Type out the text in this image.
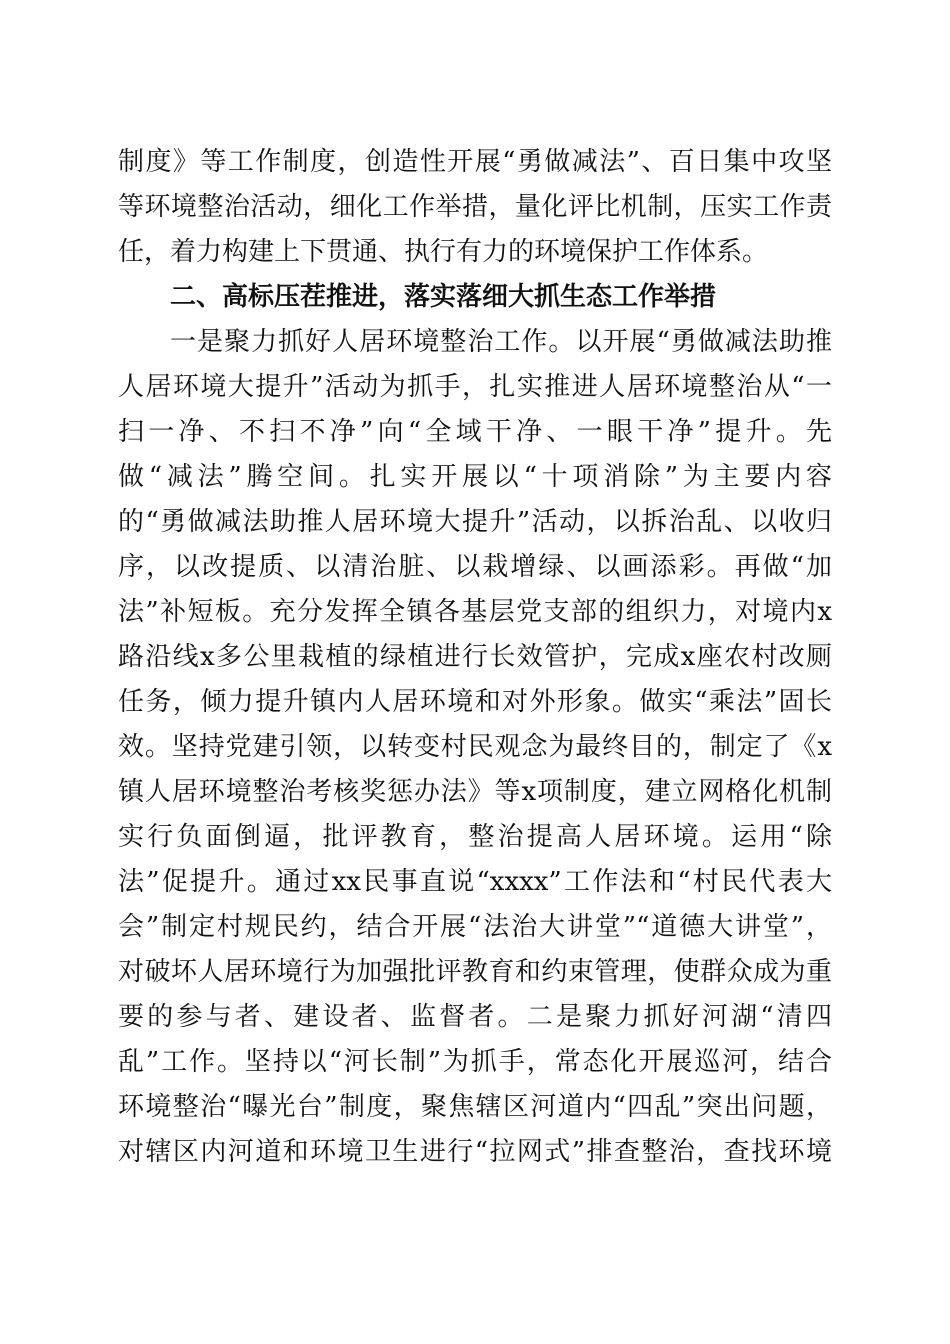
制度》等工作制度，创造性开展“勇做减法”、百日集中攻坚
等环境整治活动，细化工作举措，量化评比机制，压实工作责
任，着力构建上下贯通、执行有力的环境保护工作体系。
二、高标压茬推进，落实落细大抓生态工作举措
一是聚力抓好人居环境整治工作。以开展“勇做减法助推
人居环境大提升”活动为抓手，扎实推进人居环境整治从“一
扫一净、不扫不净”向“全域干净、一眼干净”提升。先
做“减法”腾空间。扎实开展以“十项消除”为主要内容
的“勇做减法助推人居环境大提升”活动，以拆治乱、以收归
序，以改提质、以清治脏、以栽增绿、以画添彩。再做“加
法”补短板。充分发挥全镇各基层党支部的组织力，对境内x
路沿线x多公里栽植的绿植进行长效管护，完成x座农村改厕
任务，倾力提升镇内人居环境和对外形象。做实“乘法”固长
效。坚持党建引领，以转变村民观念为最终目的，制定了《x
镇人居环境整治考核奖惩办法》等x项制度，建立网格化机制
实行负面倒逼，批评教育，整治提高人居环境。运用“除
法”促提升。通过xx民事直说“xxxx”工作法和“村民代表大
会”制定村规民约，结合开展“法治大讲堂”“道德大讲堂”，
对破坏人居环境行为加强批评教育和约束管理，使群众成为重
要的参与者、建设者、监督者。二是聚力抓好河湖“清四
乱”工作。坚持以“河长制”为抓手，常态化开展巡河，结合
环境整治“曝光台”制度，聚焦辖区河道内“四乱”突出问题，
对辖区内河道和环境卫生进行“拉网式”排查整治，查找环境
